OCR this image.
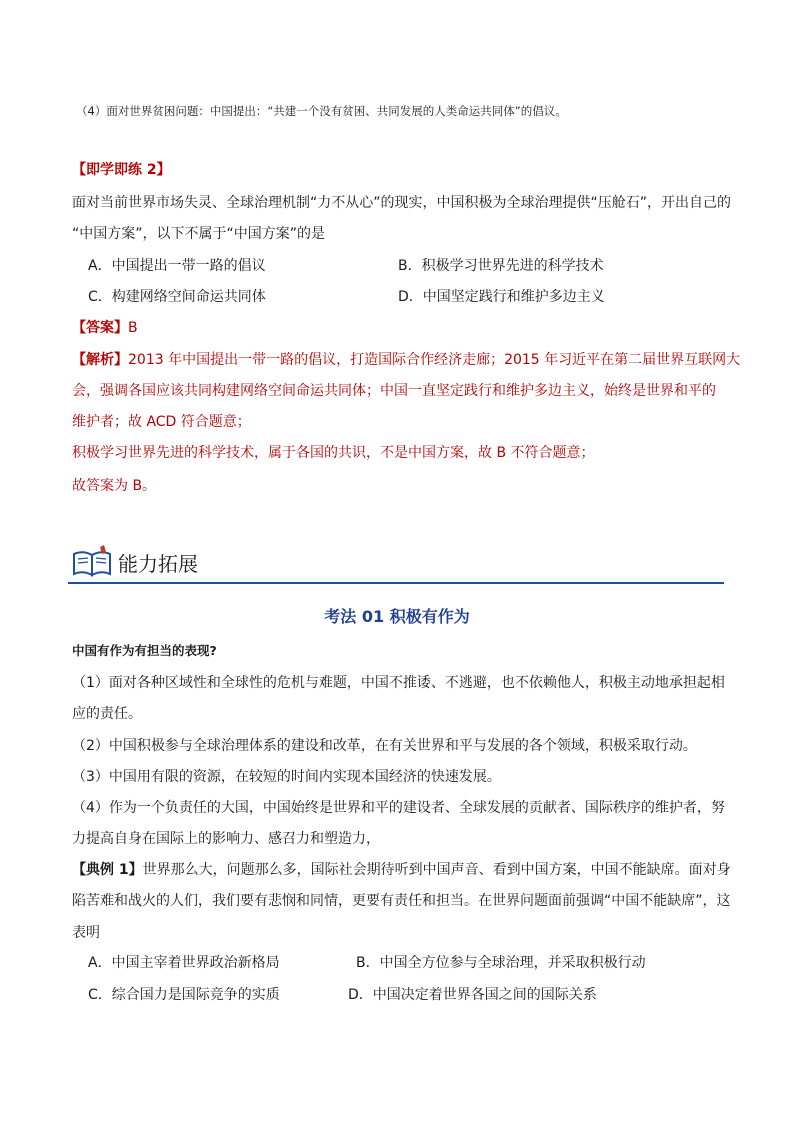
（4）面对世界贫困问题：中国提出：“共建一个没有贫困、共同发展的人类命运共同体”的倡议。
【即学即练 2】
面对当前世界市场失灵、全球治理机制“力不从心”的现实，中国积极为全球治理提供“压舱石”，开出自己的
“中国方案”，以下不属于“中国方案”的是
A．中国提出一带一路的倡议	B．积极学习世界先进的科学技术
C．构建网络空间命运共同体	D．中国坚定践行和维护多边主义
【答案】B
【解析】2013 年中国提出一带一路的倡议，打造国际合作经济走廊；2015 年习近平在第二届世界互联网大
会，强调各国应该共同构建网络空间命运共同体；中国一直坚定践行和维护多边主义，始终是世界和平的
维护者；故 ACD 符合题意；
积极学习世界先进的科学技术，属于各国的共识，不是中国方案，故 B 不符合题意；
故答案为 B。
能力拓展
考法 01 积极有作为
中国有作为有担当的表现?
（1）面对各种区域性和全球性的危机与难题，中国不推诿、不逃避，也不依赖他人，积极主动地承担起相
应的责任。
（2）中国积极参与全球治理体系的建设和改革，在有关世界和平与发展的各个领域，积极采取行动。
（3）中国用有限的资源，在较短的时间内实现本国经济的快速发展。
（4）作为一个负责任的大国，中国始终是世界和平的建设者、全球发展的贡献者、国际秩序的维护者，努
力提高自身在国际上的影响力、感召力和塑造力，
【典例 1】世界那么大，问题那么多，国际社会期待听到中国声音、看到中国方案，中国不能缺席。面对身
陷苦难和战火的人们，我们要有悲悯和同情，更要有责任和担当。在世界问题面前强调“中国不能缺席”，这
表明
A．中国主宰着世界政治新格局	B．中国全方位参与全球治理，并采取积极行动
C．综合国力是国际竞争的实质	D．中国决定着世界各国之间的国际关系
